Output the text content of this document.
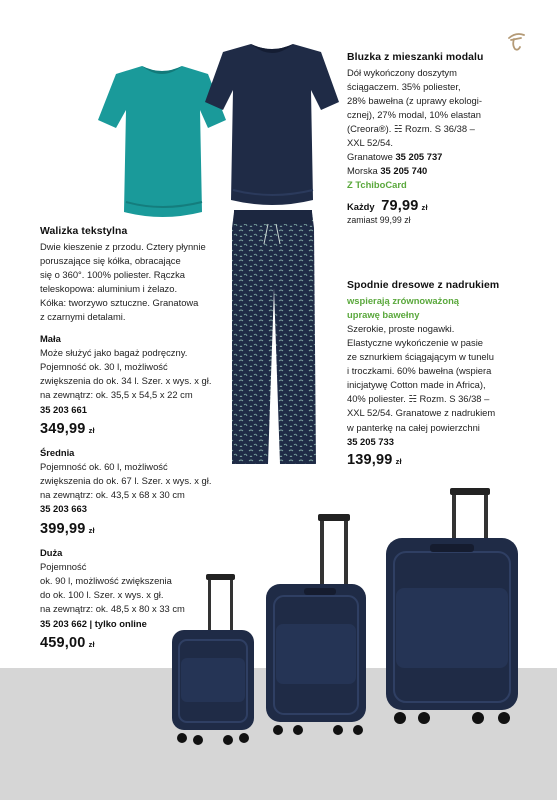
Bluzka z mieszanki modalu
Dół wykończony doszytym
ściągaczem. 35% poliester,
28% bawełna (z uprawy ekologi-
cznej), 27% modal, 10% elastan
(Creora®). ☵ Rozm. S 36/38 –
XXL 52/54.
Granatowe 35 205 737
Morska 35 205 740
Z TchiboCard
Każdy 79,99 zł
zamiast 99,99 zł
Spodnie dresowe z nadrukiem
wspierają zrównoważoną
uprawę bawełny
Szerokie, proste nogawki.
Elastyczne wykończenie w pasie
ze sznurkiem ściągającym w tunelu
i troczkami. 60% bawełna (wspiera
inicjatywę Cotton made in Africa),
40% poliester. ☵ Rozm. S 36/38 –
XXL 52/54. Granatowe z nadrukiem
w panterkę na całej powierzchni
35 205 733
139,99 zł
Walizka tekstylna
Dwie kieszenie z przodu. Cztery płynnie
poruszające się kółka, obracające
się o 360°. 100% poliester. Rączka
teleskopowa: aluminium i żelazo.
Kółka: tworzywo sztuczne. Granatowa
z czarnymi detalami.
Mała
Może służyć jako bagaż podręczny.
Pojemność ok. 30 l, możliwość
zwiększenia do ok. 34 l. Szer. x wys. x gł.
na zewnątrz: ok. 35,5 x 54,5 x 22 cm
35 203 661
349,99 zł
Średnia
Pojemność ok. 60 l, możliwość
zwiększenia do ok. 67 l. Szer. x wys. x gł.
na zewnątrz: ok. 43,5 x 68 x 30 cm
35 203 663
399,99 zł
Duża
Pojemność
ok. 90 l, możliwość zwiększenia
do ok. 100 l. Szer. x wys. x gł.
na zewnątrz: ok. 48,5 x 80 x 33 cm
35 203 662 | tylko online
459,00 zł
